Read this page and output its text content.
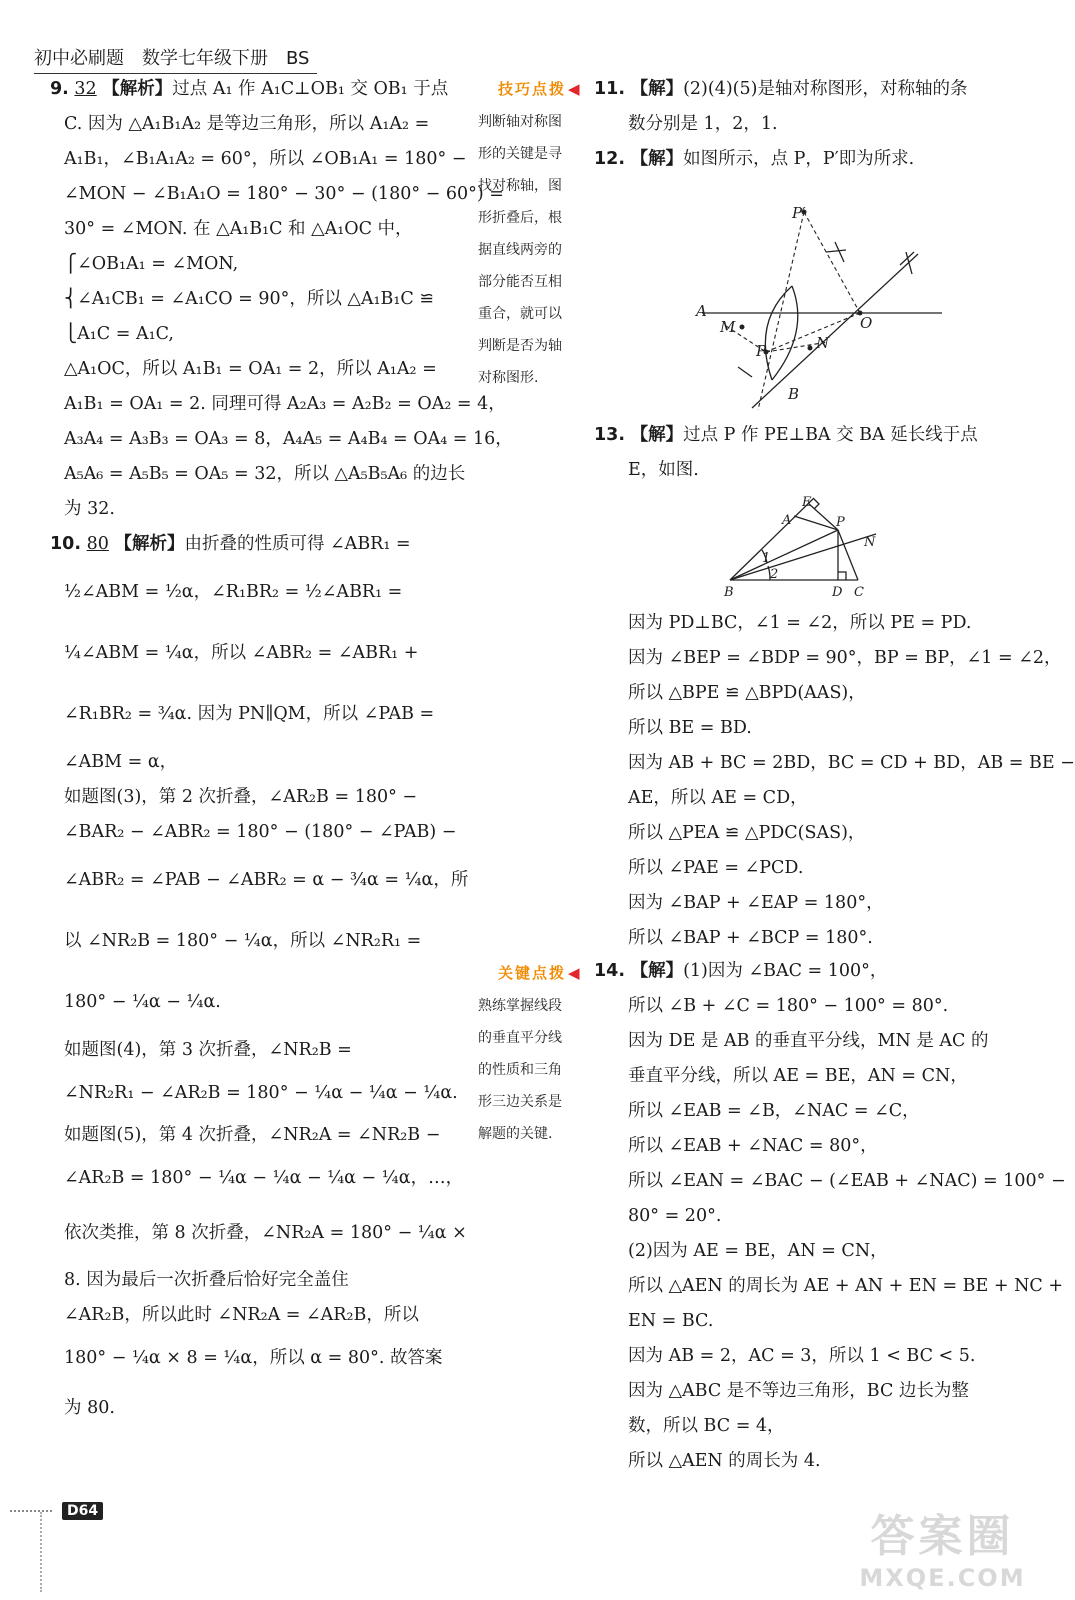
初中必刷题　数学七年级下册　BS
9. 32 【解析】过点 A₁ 作 A₁C⊥OB₁ 交 OB₁ 于点
C. 因为 △A₁B₁A₂ 是等边三角形，所以 A₁A₂ =
A₁B₁，∠B₁A₁A₂ = 60°，所以 ∠OB₁A₁ = 180° −
∠MON − ∠B₁A₁O = 180° − 30° − (180° − 60°) =
30° = ∠MON. 在 △A₁B₁C 和 △A₁OC 中，
⎧∠OB₁A₁ = ∠MON,
⎨∠A₁CB₁ = ∠A₁CO = 90°，所以 △A₁B₁C ≌
⎩A₁C = A₁C,
△A₁OC，所以 A₁B₁ = OA₁ = 2，所以 A₁A₂ =
A₁B₁ = OA₁ = 2. 同理可得 A₂A₃ = A₂B₂ = OA₂ = 4，
A₃A₄ = A₃B₃ = OA₃ = 8，A₄A₅ = A₄B₄ = OA₄ = 16，
A₅A₆ = A₅B₅ = OA₅ = 32，所以 △A₅B₅A₆ 的边长
为 32.
10. 80 【解析】由折叠的性质可得 ∠ABR₁ =
½∠ABM = ½α，∠R₁BR₂ = ½∠ABR₁ =
¼∠ABM = ¼α，所以 ∠ABR₂ = ∠ABR₁ +
∠R₁BR₂ = ¾α. 因为 PN∥QM，所以 ∠PAB =
∠ABM = α，
如题图(3)，第 2 次折叠，∠AR₂B = 180° −
∠BAR₂ − ∠ABR₂ = 180° − (180° − ∠PAB) −
∠ABR₂ = ∠PAB − ∠ABR₂ = α − ¾α = ¼α，所
以 ∠NR₂B = 180° − ¼α，所以 ∠NR₂R₁ =
180° − ¼α − ¼α.
如题图(4)，第 3 次折叠，∠NR₂B =
∠NR₂R₁ − ∠AR₂B = 180° − ¼α − ¼α − ¼α.
如题图(5)，第 4 次折叠，∠NR₂A = ∠NR₂B −
∠AR₂B = 180° − ¼α − ¼α − ¼α − ¼α，…，
依次类推，第 8 次折叠，∠NR₂A = 180° − ¼α ×
8. 因为最后一次折叠后恰好完全盖住
∠AR₂B，所以此时 ∠NR₂A = ∠AR₂B，所以
180° − ¼α × 8 = ¼α，所以 α = 80°. 故答案
为 80.
技巧点拨 ◀
判断轴对称图
形的关键是寻
找对称轴，图
形折叠后，根
据直线两旁的
部分能否互相
重合，就可以
判断是否为轴
对称图形.
关键点拨 ◀
熟练掌握线段
的垂直平分线
的性质和三角
形三边关系是
解题的关键.
11. 【解】(2)(4)(5)是轴对称图形，对称轴的条
数分别是 1，2，1.
12. 【解】如图所示，点 P，P′即为所求.
P′
A
M
P	N
O
B
13. 【解】过点 P 作 PE⊥BA 交 BA 延长线于点
E，如图.
E
A	P
N
1
2
B	D C
因为 PD⊥BC，∠1 = ∠2，所以 PE = PD.
因为 ∠BEP = ∠BDP = 90°，BP = BP，∠1 = ∠2，
所以 △BPE ≌ △BPD(AAS)，
所以 BE = BD.
因为 AB + BC = 2BD，BC = CD + BD，AB = BE −
AE，所以 AE = CD，
所以 △PEA ≌ △PDC(SAS)，
所以 ∠PAE = ∠PCD.
因为 ∠BAP + ∠EAP = 180°，
所以 ∠BAP + ∠BCP = 180°.
14. 【解】(1)因为 ∠BAC = 100°，
所以 ∠B + ∠C = 180° − 100° = 80°.
因为 DE 是 AB 的垂直平分线，MN 是 AC 的
垂直平分线，所以 AE = BE，AN = CN，
所以 ∠EAB = ∠B，∠NAC = ∠C，
所以 ∠EAB + ∠NAC = 80°，
所以 ∠EAN = ∠BAC − (∠EAB + ∠NAC) = 100° −
80° = 20°.
(2)因为 AE = BE，AN = CN，
所以 △AEN 的周长为 AE + AN + EN = BE + NC +
EN = BC.
因为 AB = 2，AC = 3，所以 1 < BC < 5.
因为 △ABC 是不等边三角形，BC 边长为整
数，所以 BC = 4，
所以 △AEN 的周长为 4.
D64	答案圈
MXQE.COM
